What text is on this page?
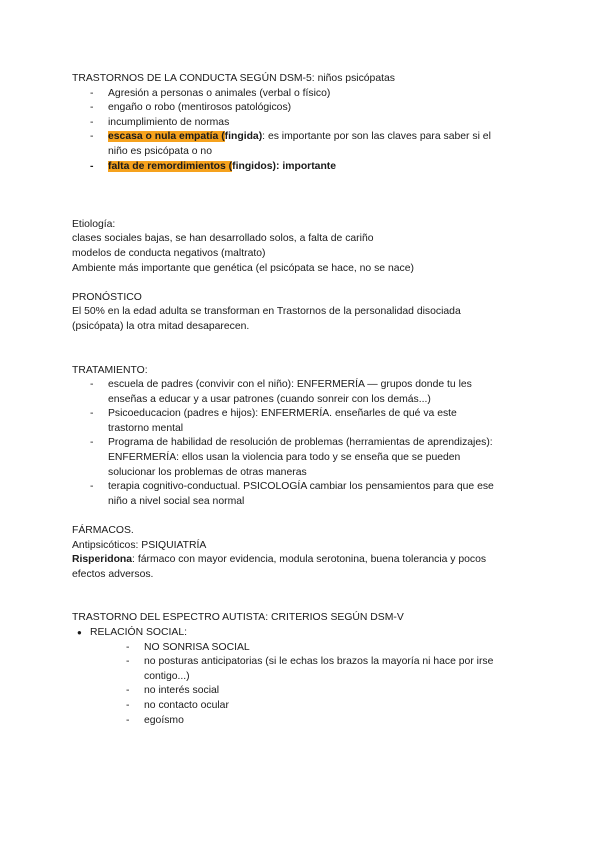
TRASTORNOS DE LA CONDUCTA SEGÚN DSM-5: niños psicópatas
- Agresión a personas o animales (verbal o físico)
- engaño o robo (mentirosos patológicos)
- incumplimiento de normas
- escasa o nula empatía (fingida): es importante por son las claves para saber si el
niño es psicópata o no
- falta de remordimientos (fingidos): importante
Etiología:
clases sociales bajas, se han desarrollado solos, a falta de cariño
modelos de conducta negativos (maltrato)
Ambiente más importante que genética (el psicópata se hace, no se nace)
PRONÓSTICO
El 50% en la edad adulta se transforman en Trastornos de la personalidad disociada
(psicópata) la otra mitad desaparecen.
TRATAMIENTO:
- escuela de padres (convivir con el niño): ENFERMERÍA — grupos donde tu les
enseñas a educar y a usar patrones (cuando sonreir con los demás...)
- Psicoeducacion (padres e hijos): ENFERMERÍA. enseñarles de qué va este
trastorno mental
- Programa de habilidad de resolución de problemas (herramientas de aprendizajes):
ENFERMERÍA: ellos usan la violencia para todo y se enseña que se pueden
solucionar los problemas de otras maneras
- terapia cognitivo-conductual. PSICOLOGÍA cambiar los pensamientos para que ese
niño a nivel social sea normal
FÁRMACOS.
Antipsicóticos: PSIQUIATRÍA
Risperidona: fármaco con mayor evidencia, modula serotonina, buena tolerancia y pocos
efectos adversos.
TRASTORNO DEL ESPECTRO AUTISTA: CRITERIOS SEGÚN DSM-V
● RELACIÓN SOCIAL:
- NO SONRISA SOCIAL
- no posturas anticipatorias (si le echas los brazos la mayoría ni hace por irse
contigo...)
- no interés social
- no contacto ocular
- egoísmo
